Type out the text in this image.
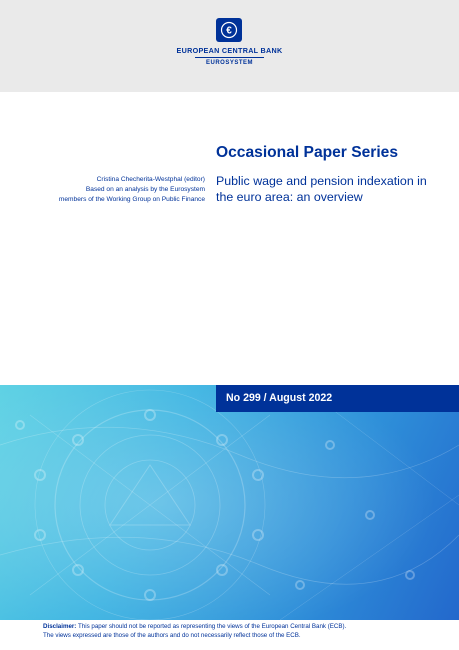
€
EUROPEAN CENTRAL BANK
EUROSYSTEM
Occasional Paper Series
Cristina Checherita-Westphal (editor)
Based on an analysis by the Eurosystem
members of the Working Group on Public Finance
Public wage and pension indexation in the euro area: an overview
No 299 / August 2022
Disclaimer: This paper should not be reported as representing the views of the European Central Bank (ECB).
The views expressed are those of the authors and do not necessarily reflect those of the ECB.
